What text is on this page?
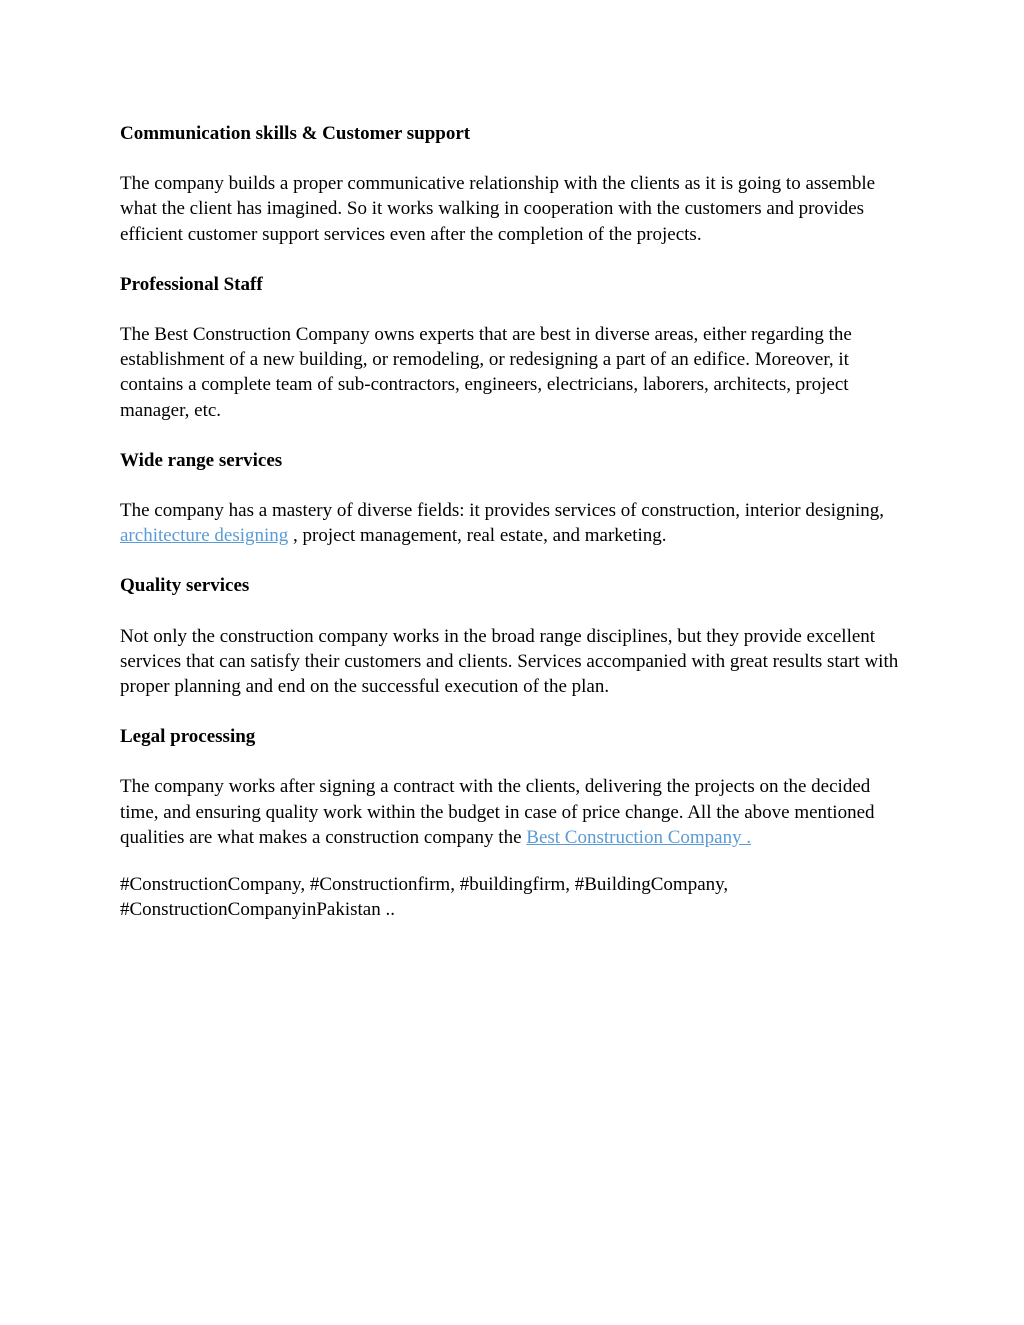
Communication skills & Customer support

The company builds a proper communicative relationship with the clients as it is going to assemble what the client has imagined. So it works walking in cooperation with the customers and provides efficient customer support services even after the completion of the projects.

Professional Staff

The Best Construction Company owns experts that are best in diverse areas, either regarding the establishment of a new building, or remodeling, or redesigning a part of an edifice. Moreover, it contains a complete team of sub-contractors, engineers, electricians, laborers, architects, project manager, etc.

Wide range services

The company has a mastery of diverse fields: it provides services of construction, interior designing, architecture designing , project management, real estate, and marketing.

Quality services

Not only the construction company works in the broad range disciplines, but they provide excellent services that can satisfy their customers and clients. Services accompanied with great results start with proper planning and end on the successful execution of the plan.

Legal processing

The company works after signing a contract with the clients, delivering the projects on the decided time, and ensuring quality work within the budget in case of price change. All the above mentioned qualities are what makes a construction company the Best Construction Company .

#ConstructionCompany, #Constructionfirm, #buildingfirm, #BuildingCompany, #ConstructionCompanyinPakistan ..
